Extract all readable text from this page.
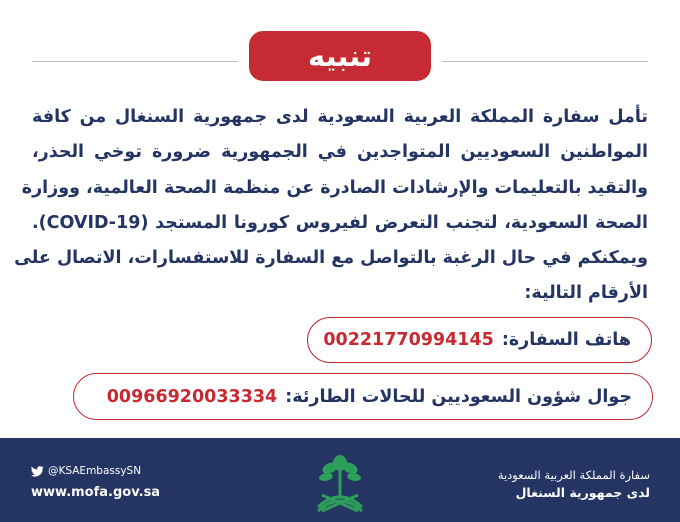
تنبيه
تأمل سفارة المملكة العربية السعودية لدى جمهورية السنغال من كافة
المواطنين السعوديين المتواجدين في الجمهورية ضرورة توخي الحذر،
والتقيد بالتعليمات والإرشادات الصادرة عن منظمة الصحة العالمية، ووزارة
الصحة السعودية، لتجنب التعرض لفيروس كورونا المستجد (COVID-19).
ويمكنكم في حال الرغبة بالتواصل مع السفارة للاستفسارات، الاتصال على
الأرقام التالية:
هاتف السفارة:
00221770994145
جوال شؤون السعوديين للحالات الطارئة:
00966920033334
@KSAEmbassySN
www.mofa.gov.sa
سفارة المملكة العربية السعودية
لدى جمهورية السنغال
